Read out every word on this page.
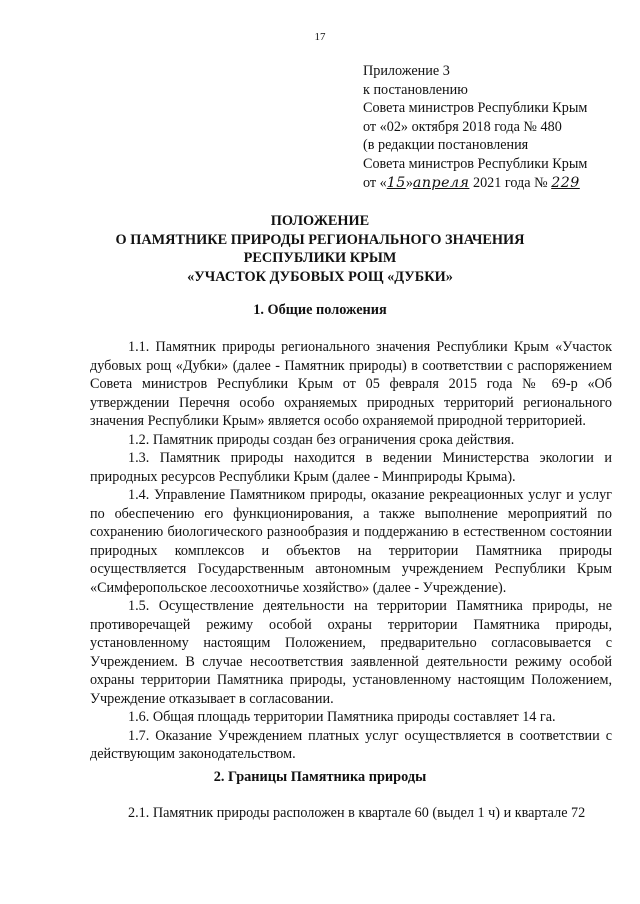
17
Приложение 3
к постановлению
Совета министров Республики Крым
от «02» октября 2018 года № 480
(в редакции постановления
Совета министров Республики Крым
от «15»апреля 2021 года № 229
ПОЛОЖЕНИЕ
О ПАМЯТНИКЕ ПРИРОДЫ РЕГИОНАЛЬНОГО ЗНАЧЕНИЯ
РЕСПУБЛИКИ КРЫМ
«УЧАСТОК ДУБОВЫХ РОЩ «ДУБКИ»
1. Общие положения

1.1. Памятник природы регионального значения Республики Крым «Участок дубовых рощ «Дубки» (далее - Памятник природы) в соответствии с распоряжением Совета министров Республики Крым от 05 февраля 2015 года № 69-р «Об утверждении Перечня особо охраняемых природных территорий регионального значения Республики Крым» является особо охраняемой природной территорией.

1.2. Памятник природы создан без ограничения срока действия.

1.3. Памятник природы находится в ведении Министерства экологии и природных ресурсов Республики Крым (далее - Минприроды Крыма).

1.4. Управление Памятником природы, оказание рекреационных услуг и услуг по обеспечению его функционирования, а также выполнение мероприятий по сохранению биологического разнообразия и поддержанию в естественном состоянии природных комплексов и объектов на территории Памятника природы осуществляется Государственным автономным учреждением Республики Крым «Симферопольское лесоохотничье хозяйство» (далее - Учреждение).

1.5. Осуществление деятельности на территории Памятника природы, не противоречащей режиму особой охраны территории Памятника природы, установленному настоящим Положением, предварительно согласовывается с Учреждением. В случае несоответствия заявленной деятельности режиму особой охраны территории Памятника природы, установленному настоящим Положением, Учреждение отказывает в согласовании.

1.6. Общая площадь территории Памятника природы составляет 14 га.

1.7. Оказание Учреждением платных услуг осуществляется в соответствии с действующим законодательством.

2. Границы Памятника природы

2.1. Памятник природы расположен в квартале 60 (выдел 1 ч) и квартале 72
